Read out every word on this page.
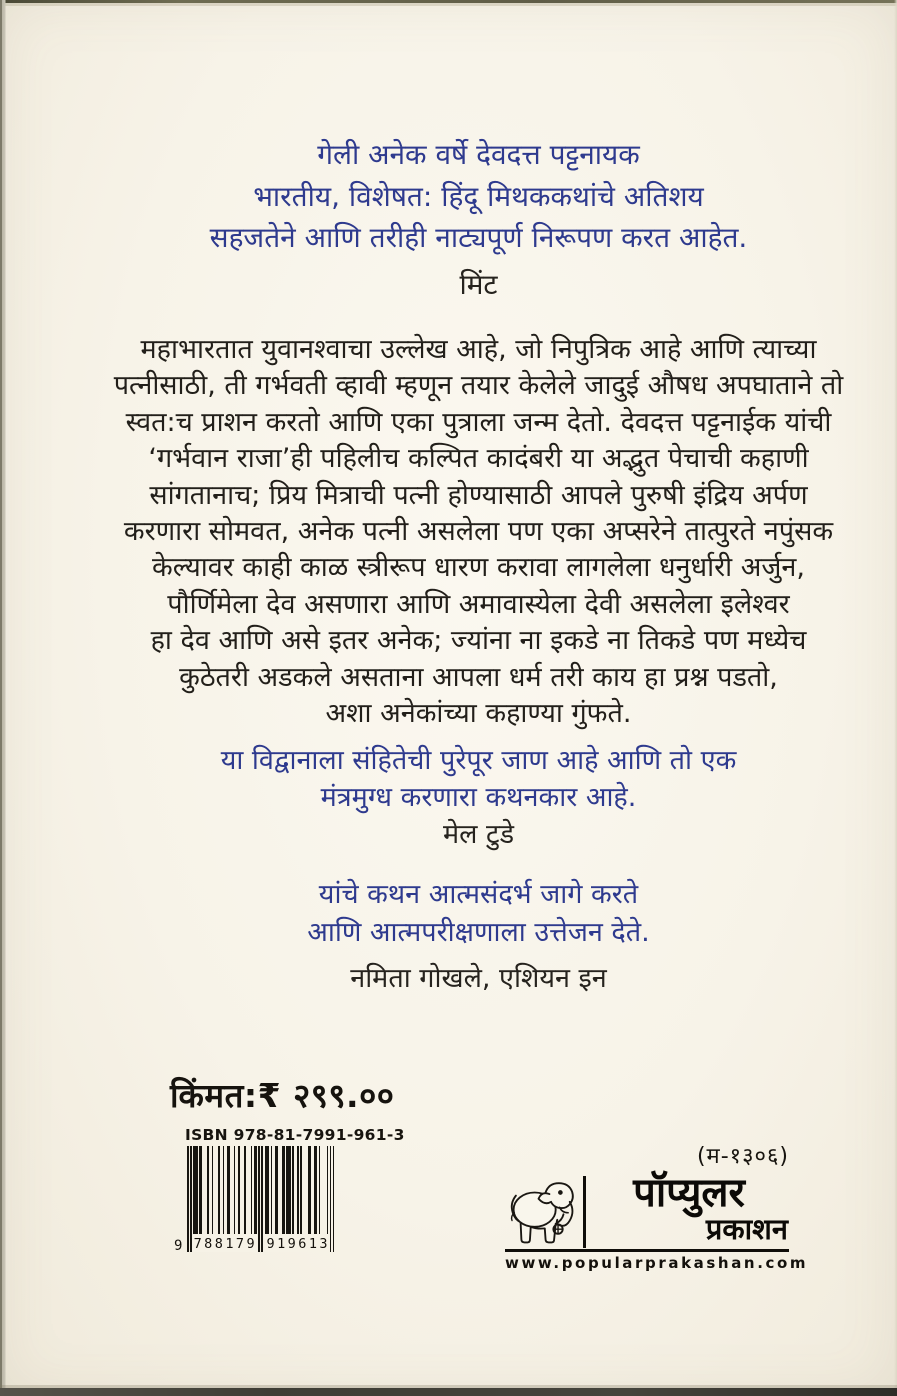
गेली अनेक वर्षे देवदत्त पट्टनायक
भारतीय, विशेषत: हिंदू मिथककथांचे अतिशय
सहजतेने आणि तरीही नाट्यपूर्ण निरूपण करत आहेत.
मिंट
महाभारतात युवानश्वाचा उल्लेख आहे, जो निपुत्रिक आहे आणि त्याच्या
पत्नीसाठी, ती गर्भवती व्हावी म्हणून तयार केलेले जादुई औषध अपघाताने तो
स्वत:च प्राशन करतो आणि एका पुत्राला जन्म देतो. देवदत्त पट्टनाईक यांची
‘गर्भवान राजा’ही पहिलीच कल्पित कादंबरी या अद्भुत पेचाची कहाणी
सांगतानाच; प्रिय मित्राची पत्नी होण्यासाठी आपले पुरुषी इंद्रिय अर्पण
करणारा सोमवत, अनेक पत्नी असलेला पण एका अप्सरेने तात्पुरते नपुंसक
केल्यावर काही काळ स्त्रीरूप धारण करावा लागलेला धनुर्धारी अर्जुन,
पौर्णिमेला देव असणारा आणि अमावास्येला देवी असलेला इलेश्वर
हा देव आणि असे इतर अनेक; ज्यांना ना इकडे ना तिकडे पण मध्येच
कुठेतरी अडकले असताना आपला धर्म तरी काय हा प्रश्न पडतो,
अशा अनेकांच्या कहाण्या गुंफते.
या विद्वानाला संहितेची पुरेपूर जाण आहे आणि तो एक
मंत्रमुग्ध करणारा कथनकार आहे.
मेल टुडे
यांचे कथन आत्मसंदर्भ जागे करते
आणि आत्मपरीक्षणाला उत्तेजन देते.
नमिता गोखले, एशियन इन
किंमत:₹ २९९.००
ISBN 978-81-7991-961-3
9 7 8 8 1 7 9 9 1 9 6 1 3
(म-१३०६)
पॉप्युलर
प्रकाशन
www.popularprakashan.com
